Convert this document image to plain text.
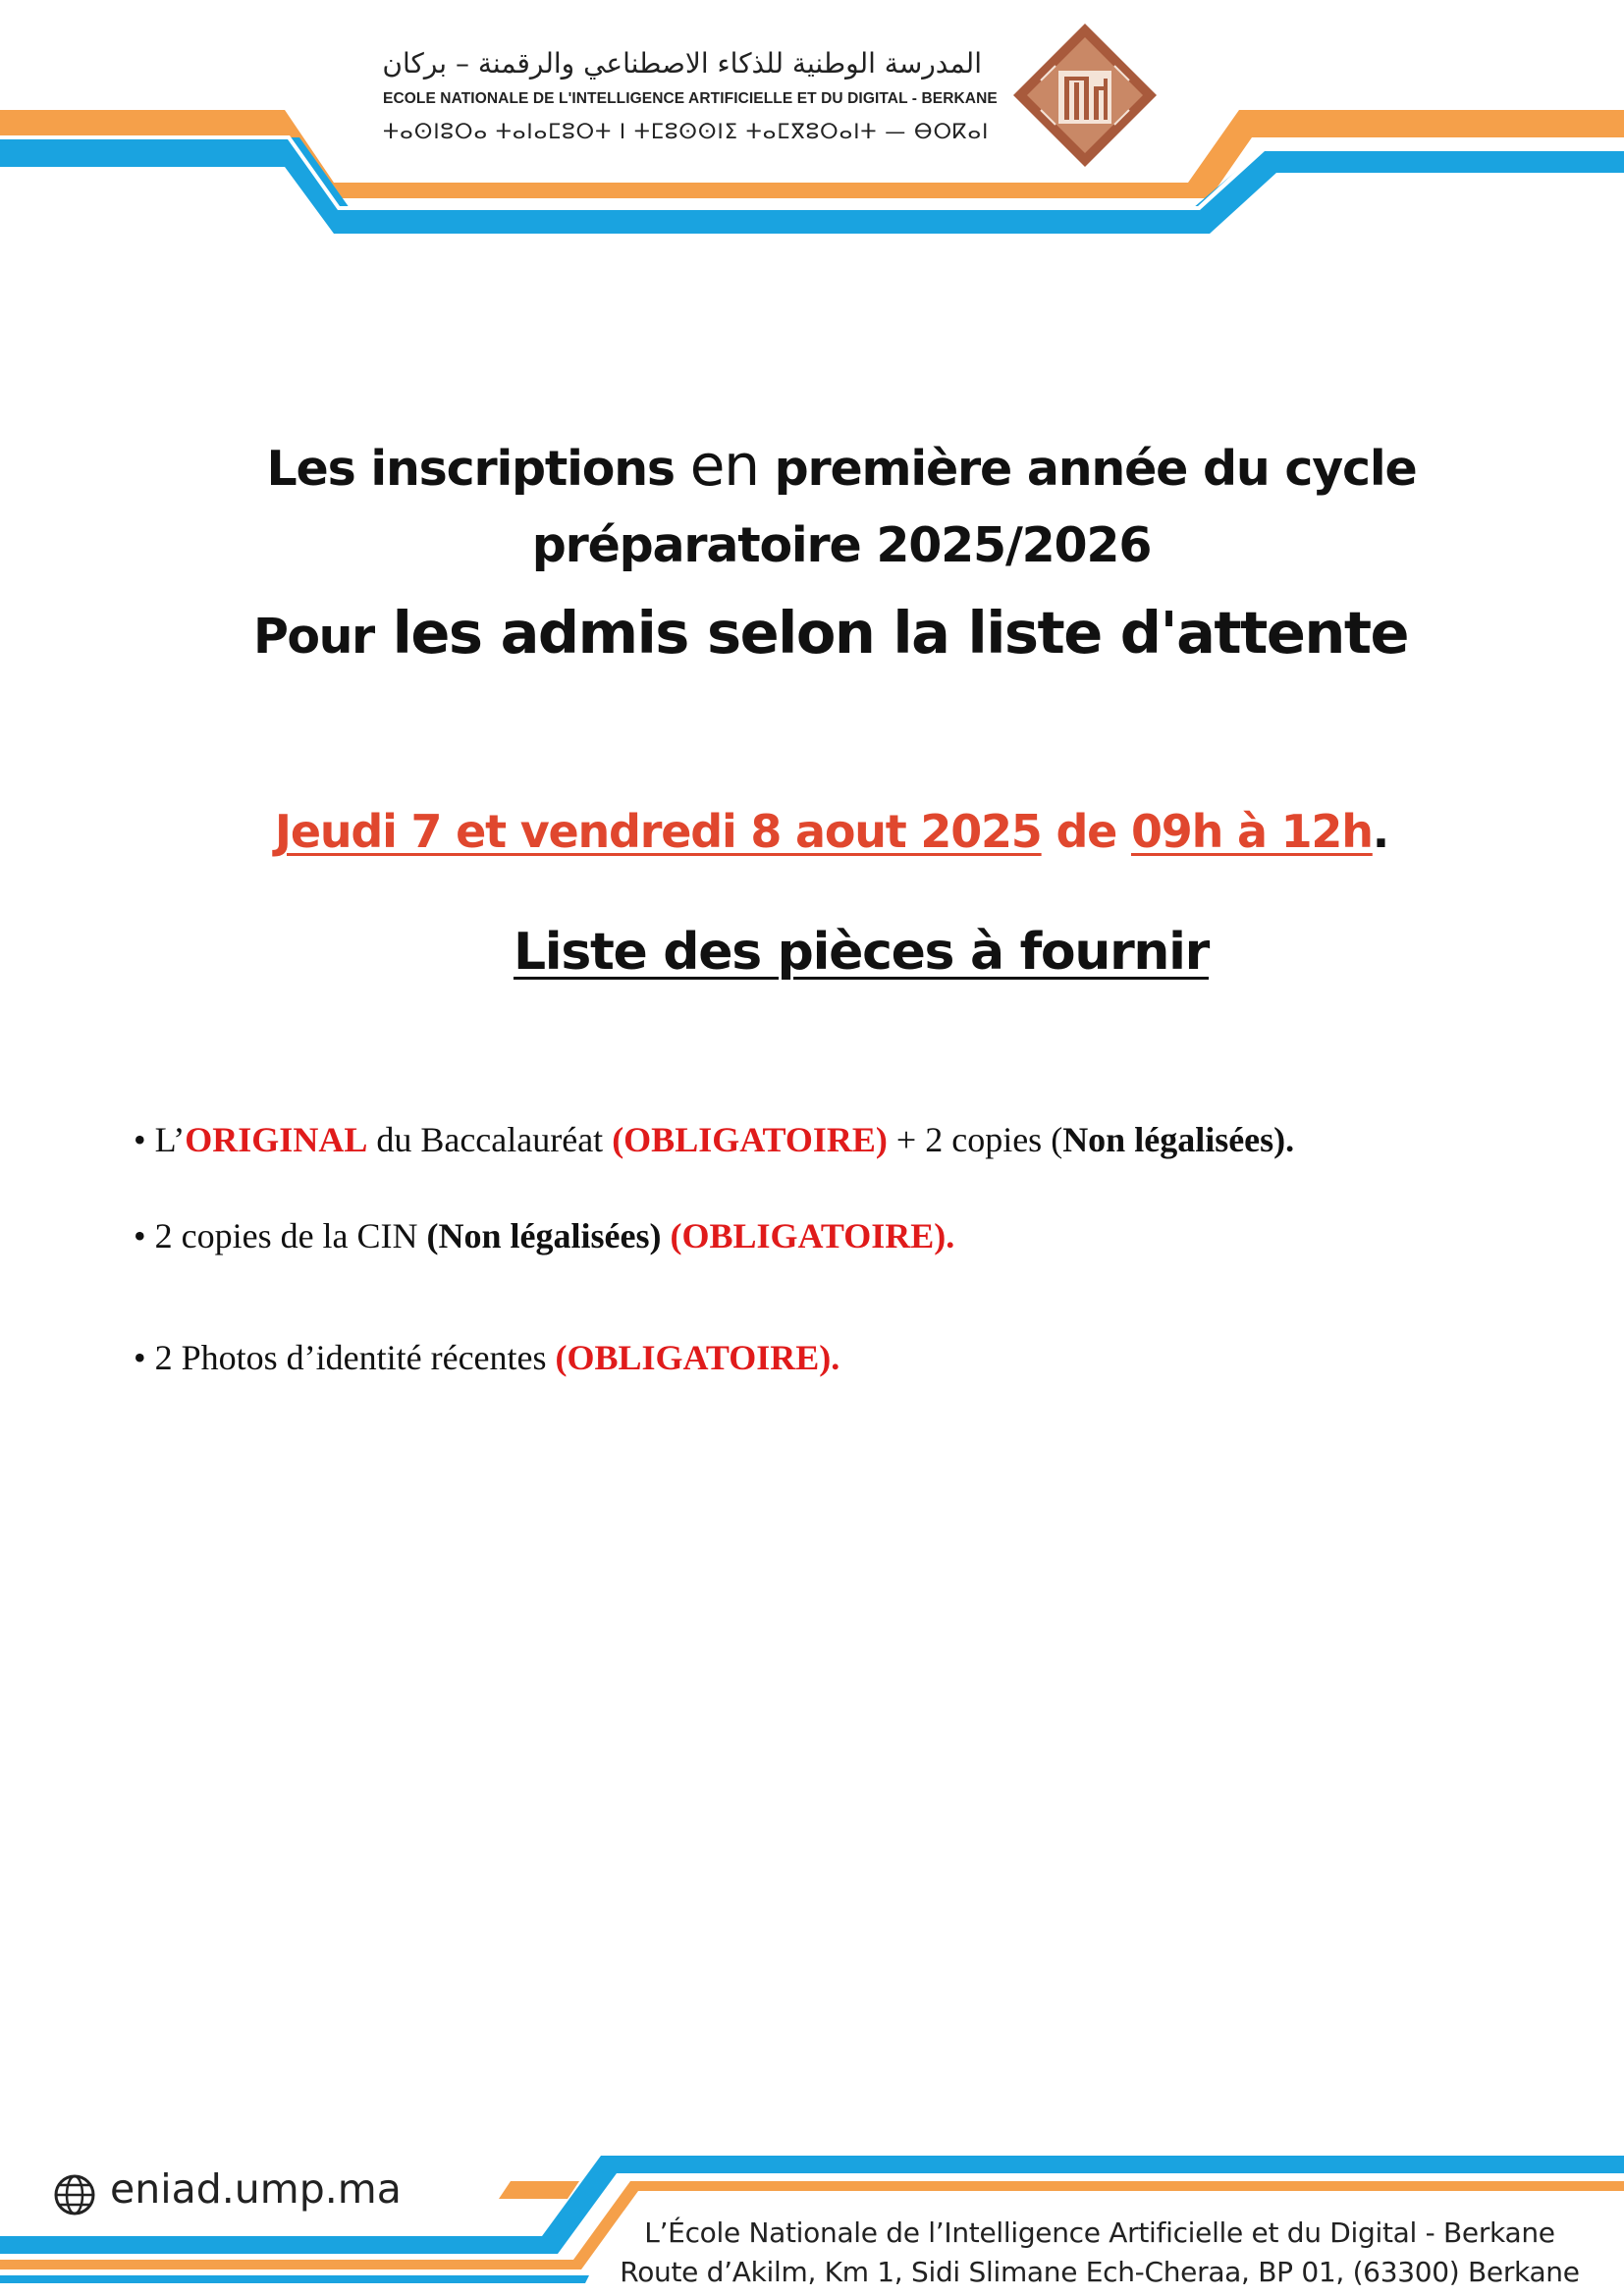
المدرسة الوطنية للذكاء الاصطناعي والرقمنة – بركان
ECOLE NATIONALE DE L'INTELLIGENCE ARTIFICIELLE ET DU DIGITAL - BERKANE
ⵜⴰⵙⵏⵓⵔⴰ ⵜⴰⵏⴰⵎⵓⵔⵜ ⵏ ⵜⵎⵓⵙⵙⵏⵉ ⵜⴰⵎⴳⵓⵔⴰⵏⵜ — ⴱⵔⴽⴰⵏ
Les inscriptions en première année du cycle
préparatoire 2025/2026
Pour les admis selon la liste d'attente
Jeudi 7 et vendredi 8 aout 2025 de 09h à 12h.
Liste des pièces à fournir
• L’ORIGINAL du Baccalauréat (OBLIGATOIRE) + 2 copies (Non légalisées).
• 2 copies de la CIN (Non légalisées) (OBLIGATOIRE).
• 2 Photos d’identité récentes (OBLIGATOIRE).
eniad.ump.ma
L’École Nationale de l’Intelligence Artificielle et du Digital - Berkane
Route d’Akilm, Km 1, Sidi Slimane Ech-Cheraa, BP 01, (63300) Berkane
